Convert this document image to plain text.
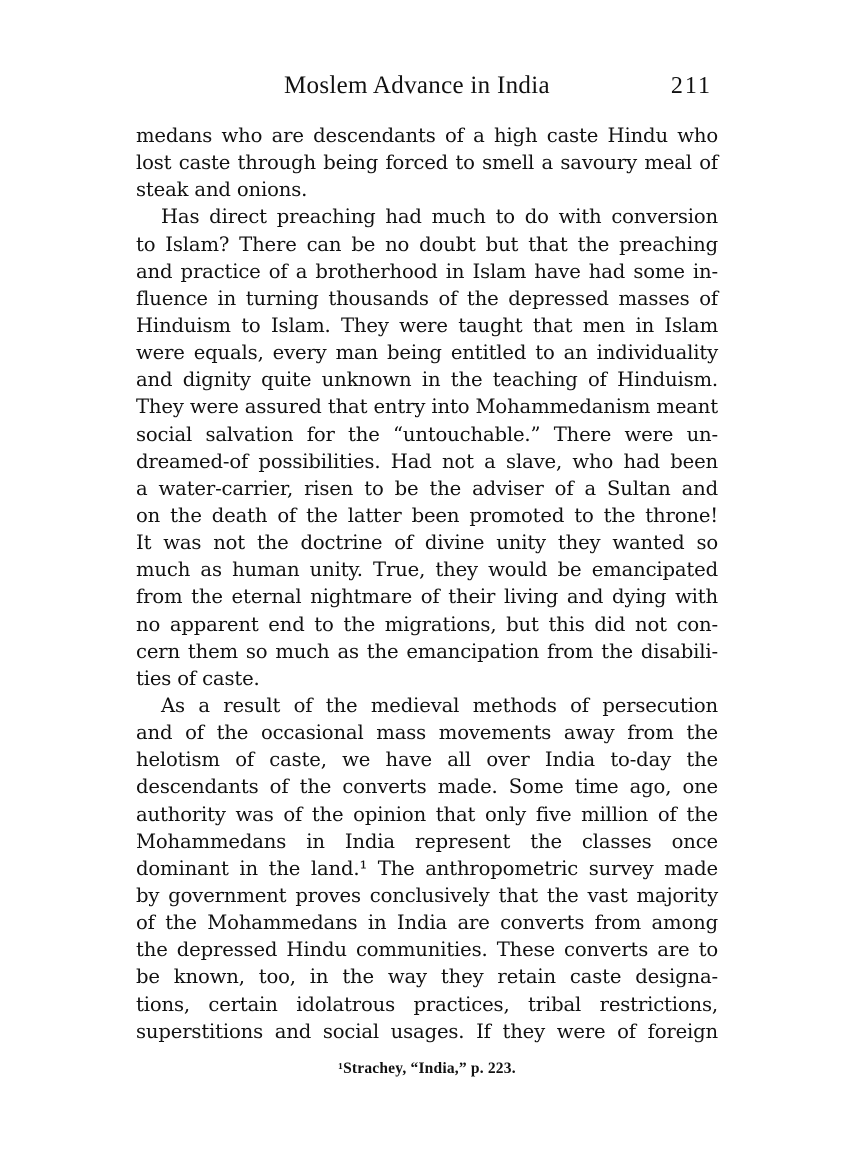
Moslem Advance in India	211
medans who are descendants of a high caste Hindu who
lost caste through being forced to smell a savoury meal of
steak and onions.
Has direct preaching had much to do with conversion
to Islam? There can be no doubt but that the preaching
and practice of a brotherhood in Islam have had some in-
fluence in turning thousands of the depressed masses of
Hinduism to Islam. They were taught that men in Islam
were equals, every man being entitled to an individuality
and dignity quite unknown in the teaching of Hinduism.
They were assured that entry into Mohammedanism meant
social salvation for the “untouchable.” There were un-
dreamed-of possibilities. Had not a slave, who had been
a water-carrier, risen to be the adviser of a Sultan and
on the death of the latter been promoted to the throne!
It was not the doctrine of divine unity they wanted so
much as human unity. True, they would be emancipated
from the eternal nightmare of their living and dying with
no apparent end to the migrations, but this did not con-
cern them so much as the emancipation from the disabili-
ties of caste.
As a result of the medieval methods of persecution
and of the occasional mass movements away from the
helotism of caste, we have all over India to-day the
descendants of the converts made. Some time ago, one
authority was of the opinion that only five million of the
Mohammedans in India represent the classes once
dominant in the land.¹ The anthropometric survey made
by government proves conclusively that the vast majority
of the Mohammedans in India are converts from among
the depressed Hindu communities. These converts are to
be known, too, in the way they retain caste designa-
tions, certain idolatrous practices, tribal restrictions,
superstitions and social usages. If they were of foreign
¹Strachey, “India,” p. 223.
